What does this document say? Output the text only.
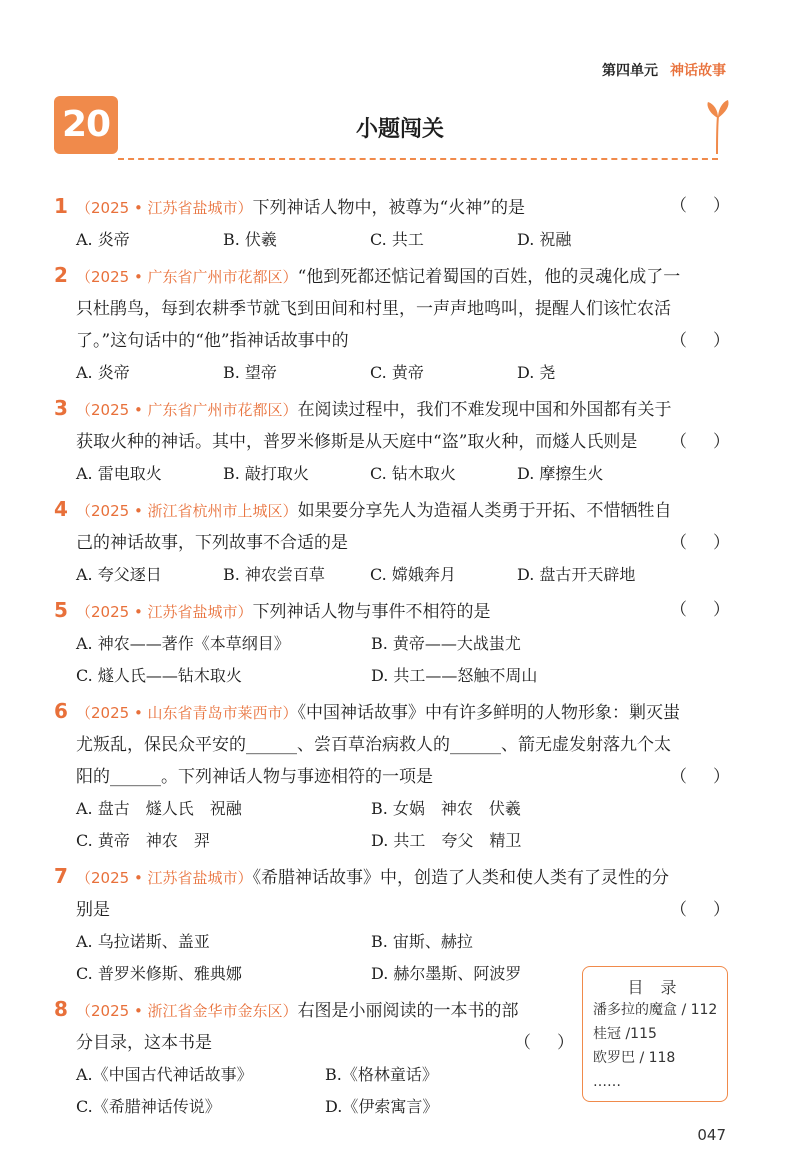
第四单元 神话故事
20	小题闯关
1 （2025 • 江苏省盐城市）下列神话人物中，被尊为“火神”的是	（ ）
A. 炎帝	B. 伏羲	C. 共工	D. 祝融
2 （2025 • 广东省广州市花都区）“他到死都还惦记着蜀国的百姓，他的灵魂化成了一
只杜鹃鸟，每到农耕季节就飞到田间和村里，一声声地鸣叫，提醒人们该忙农活
了。”这句话中的“他”指神话故事中的	（ ）
A. 炎帝	B. 望帝	C. 黄帝	D. 尧
3 （2025 • 广东省广州市花都区）在阅读过程中，我们不难发现中国和外国都有关于
获取火种的神话。其中，普罗米修斯是从天庭中“盗”取火种，而燧人氏则是 （ ）
A. 雷电取火	B. 敲打取火	C. 钻木取火	D. 摩擦生火
4 （2025 • 浙江省杭州市上城区）如果要分享先人为造福人类勇于开拓、不惜牺牲自
己的神话故事，下列故事不合适的是	（ ）
A. 夸父逐日	B. 神农尝百草	C. 嫦娥奔月	D. 盘古开天辟地
5 （2025 • 江苏省盐城市）下列神话人物与事件不相符的是	（ ）
A. 神农——著作《本草纲目》	B. 黄帝——大战蚩尤
C. 燧人氏——钻木取火	D. 共工——怒触不周山
6 （2025 • 山东省青岛市莱西市）《中国神话故事》中有许多鲜明的人物形象：剿灭蚩
尤叛乱，保民众平安的______、尝百草治病救人的______、箭无虚发射落九个太
阳的______。下列神话人物与事迹相符的一项是	（ ）
A. 盘古　燧人氏　祝融	B. 女娲　神农　伏羲
C. 黄帝　神农　羿	D. 共工　夸父　精卫
7 （2025 • 江苏省盐城市）《希腊神话故事》中，创造了人类和使人类有了灵性的分
别是	（ ）
A. 乌拉诺斯、盖亚	B. 宙斯、赫拉
C. 普罗米修斯、雅典娜	D. 赫尔墨斯、阿波罗
8 （2025 • 浙江省金华市金东区）右图是小丽阅读的一本书的部
分目录，这本书是	（ ）
A.《中国古代神话故事》	B.《格林童话》
C.《希腊神话传说》	D.《伊索寓言》
目 录
潘多拉的魔盒 / 112
桂冠 /115
欧罗巴 / 118
……
047
